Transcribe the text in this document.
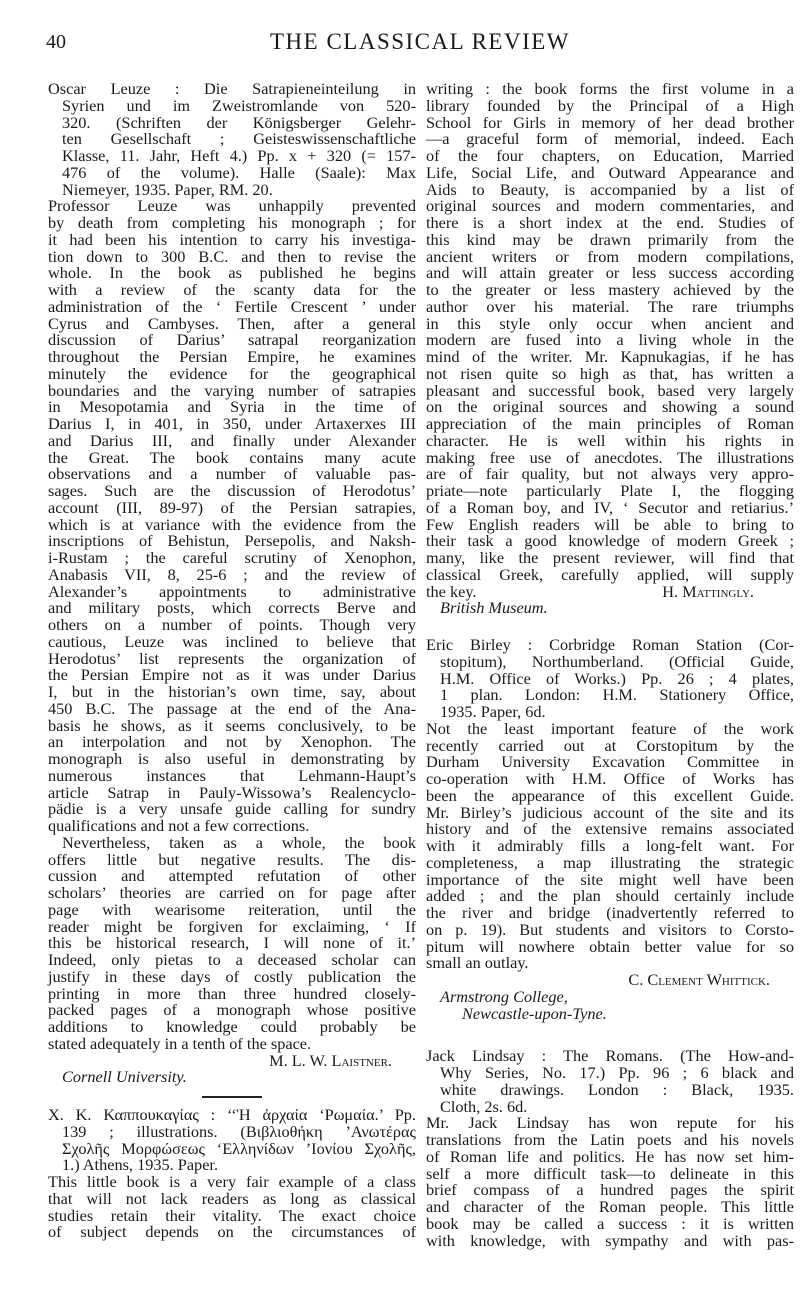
40	THE CLASSICAL REVIEW
Oscar Leuze : Die Satrapieneinteilung in
Syrien und im Zweistromlande von 520-
320. (Schriften der Königsberger Gelehr-
ten Gesellschaft ; Geisteswissenschaftliche
Klasse, 11. Jahr, Heft 4.) Pp. x + 320 (= 157-
476 of the volume). Halle (Saale): Max
Niemeyer, 1935. Paper, RM. 20.
Professor Leuze was unhappily prevented
by death from completing his monograph ; for
it had been his intention to carry his investiga-
tion down to 300 B.C. and then to revise the
whole. In the book as published he begins
with a review of the scanty data for the
administration of the ‘ Fertile Crescent ’ under
Cyrus and Cambyses. Then, after a general
discussion of Darius’ satrapal reorganization
throughout the Persian Empire, he examines
minutely the evidence for the geographical
boundaries and the varying number of satrapies
in Mesopotamia and Syria in the time of
Darius I, in 401, in 350, under Artaxerxes III
and Darius III, and finally under Alexander
the Great. The book contains many acute
observations and a number of valuable pas-
sages. Such are the discussion of Herodotus’
account (III, 89-97) of the Persian satrapies,
which is at variance with the evidence from the
inscriptions of Behistun, Persepolis, and Naksh-
i-Rustam ; the careful scrutiny of Xenophon,
Anabasis VII, 8, 25-6 ; and the review of
Alexander’s appointments to administrative
and military posts, which corrects Berve and
others on a number of points. Though very
cautious, Leuze was inclined to believe that
Herodotus’ list represents the organization of
the Persian Empire not as it was under Darius
I, but in the historian’s own time, say, about
450 B.C. The passage at the end of the Ana-
basis he shows, as it seems conclusively, to be
an interpolation and not by Xenophon. The
monograph is also useful in demonstrating by
numerous instances that Lehmann-Haupt’s
article Satrap in Pauly-Wissowa’s Realencyclo-
pädie is a very unsafe guide calling for sundry
qualifications and not a few corrections.
Nevertheless, taken as a whole, the book
offers little but negative results. The dis-
cussion and attempted refutation of other
scholars’ theories are carried on for page after
page with wearisome reiteration, until the
reader might be forgiven for exclaiming, ‘ If
this be historical research, I will none of it.’
Indeed, only pietas to a deceased scholar can
justify in these days of costly publication the
printing in more than three hundred closely-
packed pages of a monograph whose positive
additions to knowledge could probably be
stated adequately in a tenth of the space.
M. L. W. Laistner.
Cornell University.
X. K. Καππουκαγίας : ‘‘Ἡ ἀρχαία ‘Ρωμαία.’ Pp.
139 ; illustrations. (Βιβλιοθήκη ’Ανωτέρας
Σχολῆς Μορφώσεως ‘Ελληνίδων ’Ιονίου Σχολῆς,
1.) Athens, 1935. Paper.
This little book is a very fair example of a class
that will not lack readers as long as classical
studies retain their vitality. The exact choice
of subject depends on the circumstances of
writing : the book forms the first volume in a
library founded by the Principal of a High
School for Girls in memory of her dead brother
—a graceful form of memorial, indeed. Each
of the four chapters, on Education, Married
Life, Social Life, and Outward Appearance and
Aids to Beauty, is accompanied by a list of
original sources and modern commentaries, and
there is a short index at the end. Studies of
this kind may be drawn primarily from the
ancient writers or from modern compilations,
and will attain greater or less success according
to the greater or less mastery achieved by the
author over his material. The rare triumphs
in this style only occur when ancient and
modern are fused into a living whole in the
mind of the writer. Mr. Kapnukagias, if he has
not risen quite so high as that, has written a
pleasant and successful book, based very largely
on the original sources and showing a sound
appreciation of the main principles of Roman
character. He is well within his rights in
making free use of anecdotes. The illustrations
are of fair quality, but not always very appro-
priate—note particularly Plate I, the flogging
of a Roman boy, and IV, ‘ Secutor and retiarius.’
Few English readers will be able to bring to
their task a good knowledge of modern Greek ;
many, like the present reviewer, will find that
classical Greek, carefully applied, will supply
the key.	H. Mattingly.
British Museum.
Eric Birley : Corbridge Roman Station (Cor-
stopitum), Northumberland. (Official Guide,
H.M. Office of Works.) Pp. 26 ; 4 plates,
1 plan. London: H.M. Stationery Office,
1935. Paper, 6d.
Not the least important feature of the work
recently carried out at Corstopitum by the
Durham University Excavation Committee in
co-operation with H.M. Office of Works has
been the appearance of this excellent Guide.
Mr. Birley’s judicious account of the site and its
history and of the extensive remains associated
with it admirably fills a long-felt want. For
completeness, a map illustrating the strategic
importance of the site might well have been
added ; and the plan should certainly include
the river and bridge (inadvertently referred to
on p. 19). But students and visitors to Corsto-
pitum will nowhere obtain better value for so
small an outlay.
C. Clement Whittick.
Armstrong College,
Newcastle-upon-Tyne.
Jack Lindsay : The Romans. (The How-and-
Why Series, No. 17.) Pp. 96 ; 6 black and
white drawings. London : Black, 1935.
Cloth, 2s. 6d.
Mr. Jack Lindsay has won repute for his
translations from the Latin poets and his novels
of Roman life and politics. He has now set him-
self a more difficult task—to delineate in this
brief compass of a hundred pages the spirit
and character of the Roman people. This little
book may be called a success : it is written
with knowledge, with sympathy and with pas-
